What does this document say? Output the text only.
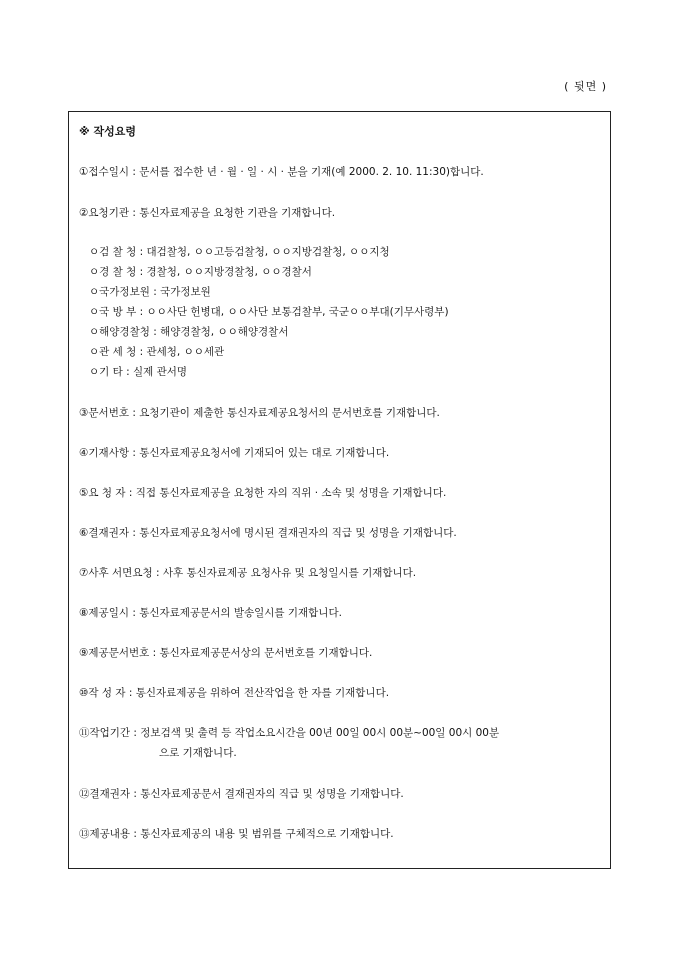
( 뒷면 )
※ 작성요령
①접수일시 : 문서를 접수한 년 · 월 · 일 · 시 · 분을 기재(예 2000. 2. 10. 11:30)합니다.
②요청기관 : 통신자료제공을 요청한 기관을 기재합니다.
ㅇ검 찰 청 : 대검찰청, ㅇㅇ고등검찰청, ㅇㅇ지방검찰청, ㅇㅇ지청
ㅇ경 찰 청 : 경찰청, ㅇㅇ지방경찰청, ㅇㅇ경찰서
ㅇ국가정보원 : 국가정보원
ㅇ국 방 부 : ㅇㅇ사단 헌병대, ㅇㅇ사단 보통검찰부, 국군ㅇㅇ부대(기무사령부)
ㅇ해양경찰청 : 해양경찰청, ㅇㅇ해양경찰서
ㅇ관 세 청 : 관세청, ㅇㅇ세관
ㅇ기 타 : 실제 관서명
③문서번호 : 요청기관이 제출한 통신자료제공요청서의 문서번호를 기재합니다.
④기재사항 : 통신자료제공요청서에 기재되어 있는 대로 기재합니다.
⑤요 청 자 : 직접 통신자료제공을 요청한 자의 직위 · 소속 및 성명을 기재합니다.
⑥결재권자 : 통신자료제공요청서에 명시된 결재권자의 직급 및 성명을 기재합니다.
⑦사후 서면요청 : 사후 통신자료제공 요청사유 및 요청일시를 기재합니다.
⑧제공일시 : 통신자료제공문서의 발송일시를 기재합니다.
⑨제공문서번호 : 통신자료제공문서상의 문서번호를 기재합니다.
⑩작 성 자 : 통신자료제공을 위하여 전산작업을 한 자를 기재합니다.
⑪작업기간 : 정보검색 및 출력 등 작업소요시간을 00년 00일 00시 00분~00일 00시 00분
으로 기재합니다.
⑫결재권자 : 통신자료제공문서 결재권자의 직급 및 성명을 기재합니다.
⑬제공내용 : 통신자료제공의 내용 및 범위를 구체적으로 기재합니다.
